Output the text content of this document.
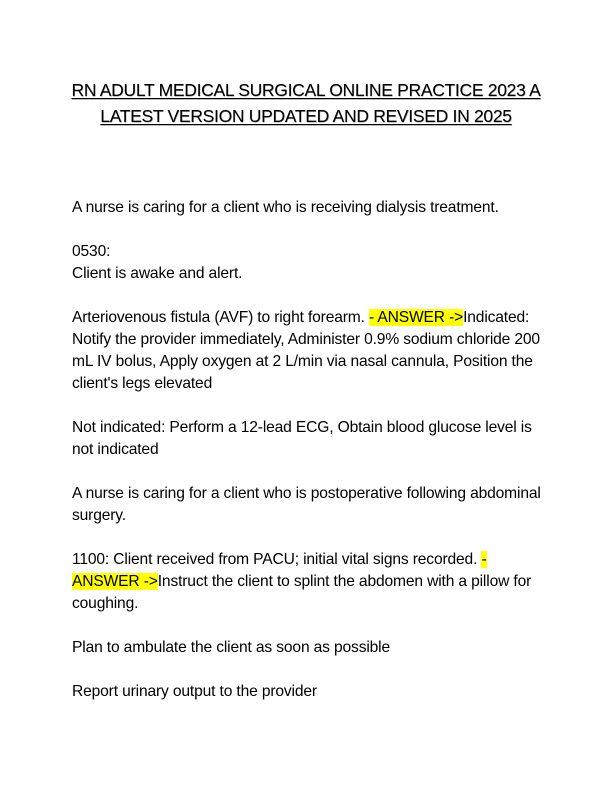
RN ADULT MEDICAL SURGICAL ONLINE PRACTICE 2023 A LATEST VERSION UPDATED AND REVISED IN 2025

A nurse is caring for a client who is receiving dialysis treatment.

0530:
Client is awake and alert.

Arteriovenous fistula (AVF) to right forearm. - ANSWER ->Indicated: Notify the provider immediately, Administer 0.9% sodium chloride 200 mL IV bolus, Apply oxygen at 2 L/min via nasal cannula, Position the client's legs elevated

Not indicated: Perform a 12-lead ECG, Obtain blood glucose level is not indicated

A nurse is caring for a client who is postoperative following abdominal surgery.

1100: Client received from PACU; initial vital signs recorded. - ANSWER ->Instruct the client to splint the abdomen with a pillow for coughing.

Plan to ambulate the client as soon as possible

Report urinary output to the provider
